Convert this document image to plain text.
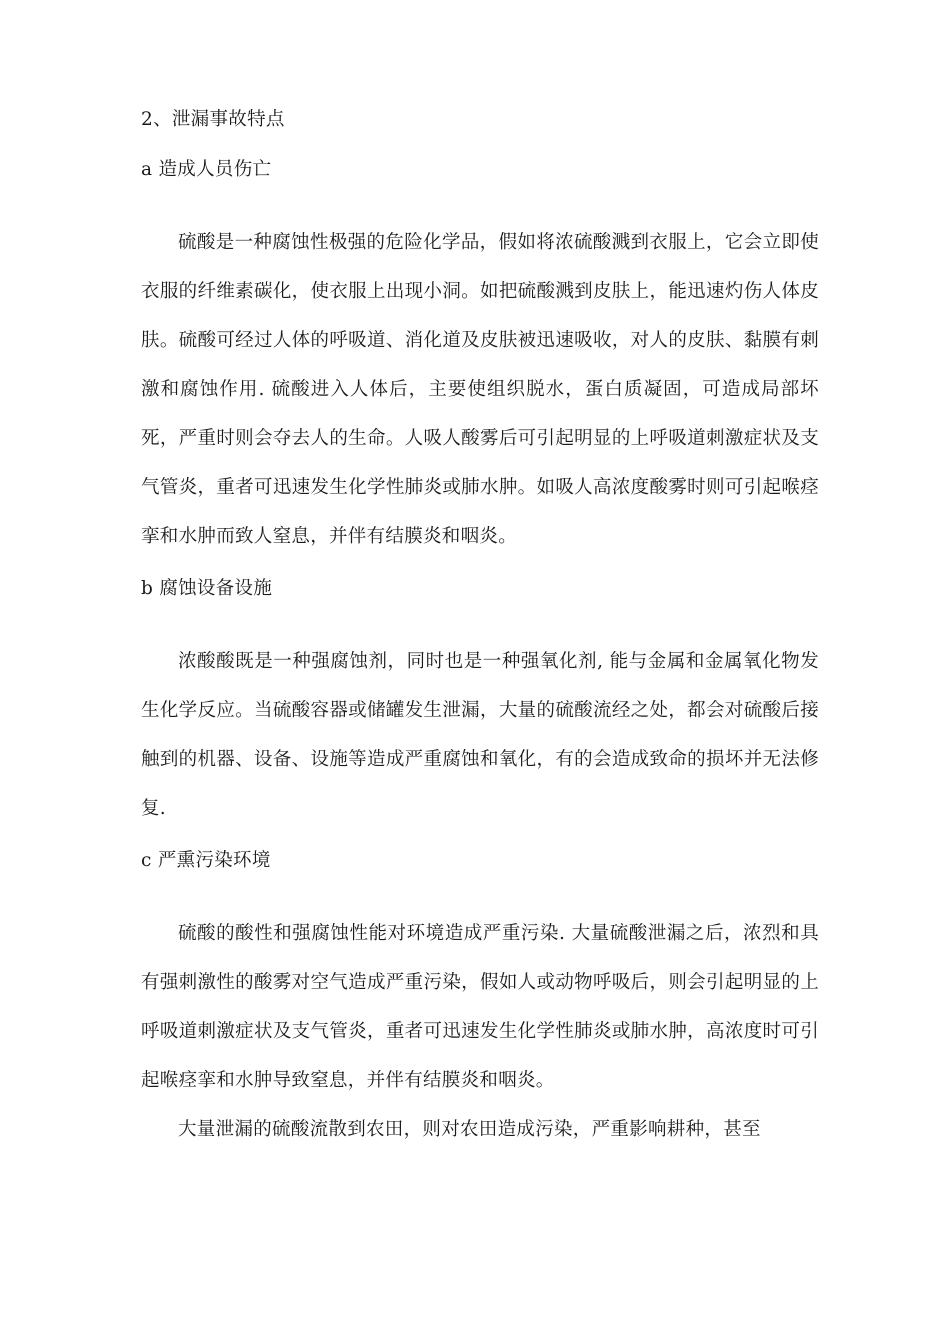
2、泄漏事故特点

a 造成人员伤亡

硫酸是一种腐蚀性极强的危险化学品，假如将浓硫酸溅到衣服上，它会立即使衣服的纤维素碳化，使衣服上出现小洞。如把硫酸溅到皮肤上，能迅速灼伤人体皮肤。硫酸可经过人体的呼吸道、消化道及皮肤被迅速吸收，对人的皮肤、黏膜有刺激和腐蚀作用. 硫酸进入人体后，主要使组织脱水，蛋白质凝固，可造成局部坏死，严重时则会夺去人的生命。人吸人酸雾后可引起明显的上呼吸道刺激症状及支气管炎，重者可迅速发生化学性肺炎或肺水肿。如吸人高浓度酸雾时则可引起喉痉挛和水肿而致人窒息，并伴有结膜炎和咽炎。

b 腐蚀设备设施

浓酸酸既是一种强腐蚀剂，同时也是一种强氧化剂, 能与金属和金属氧化物发生化学反应。当硫酸容器或储罐发生泄漏，大量的硫酸流经之处，都会对硫酸后接触到的机器、设备、设施等造成严重腐蚀和氧化，有的会造成致命的损坏并无法修复.

c 严熏污染环境

硫酸的酸性和强腐蚀性能对环境造成严重污染. 大量硫酸泄漏之后，浓烈和具有强刺激性的酸雾对空气造成严重污染，假如人或动物呼吸后，则会引起明显的上呼吸道刺激症状及支气管炎，重者可迅速发生化学性肺炎或肺水肿，高浓度时可引起喉痉挛和水肿导致窒息，并伴有结膜炎和咽炎。

大量泄漏的硫酸流散到农田，则对农田造成污染，严重影响耕种，甚至
